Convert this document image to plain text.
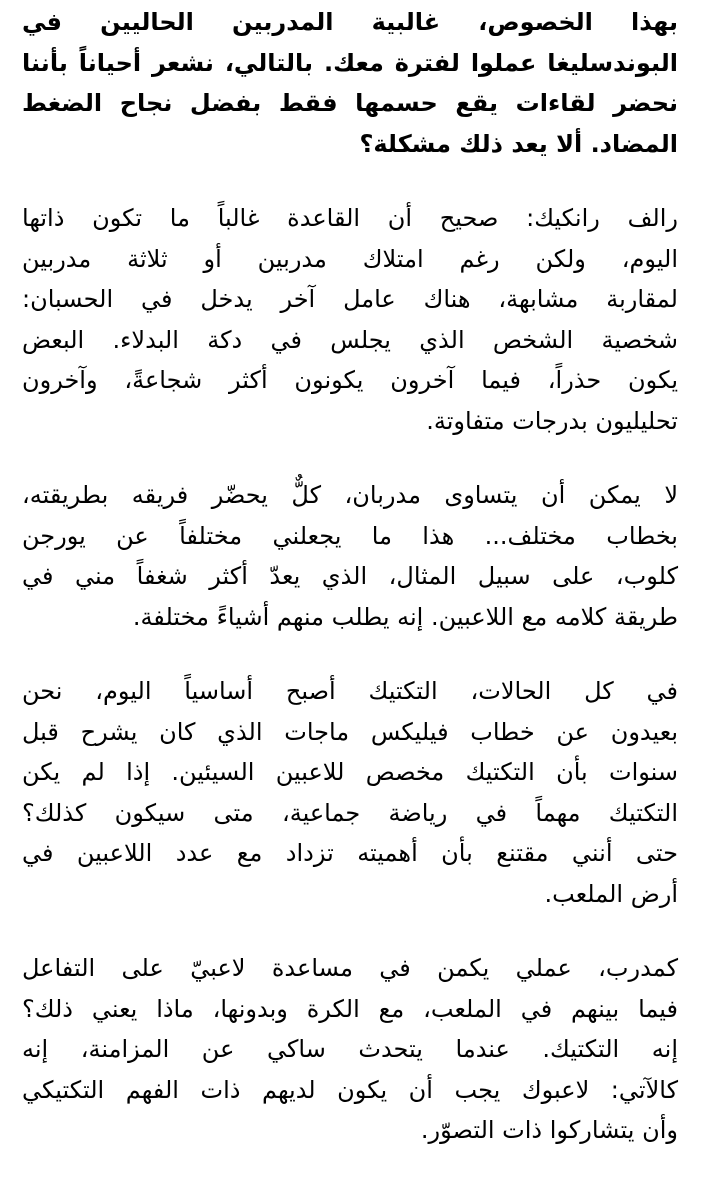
بهذا الخصوص، غالبية المدربين الحاليين في
البوندسليغا عملوا لفترة معك. بالتالي، نشعر أحياناً بأننا
نحضر لقاءات يقع حسمها فقط بفضل نجاح الضغط
المضاد. ألا يعد ذلك مشكلة؟

رالف رانكيك: صحيح أن القاعدة غالباً ما تكون ذاتها
اليوم، ولكن رغم امتلاك مدربين أو ثلاثة مدربين
لمقاربة مشابهة، هناك عامل آخر يدخل في الحسبان:
شخصية الشخص الذي يجلس في دكة البدلاء. البعض
يكون حذراً، فيما آخرون يكونون أكثر شجاعةً، وآخرون
تحليليون بدرجات متفاوتة.

لا يمكن أن يتساوى مدربان، كلٌّ يحضّر فريقه بطريقته،
بخطاب مختلف... هذا ما يجعلني مختلفاً عن يورجن
كلوب، على سبيل المثال، الذي يعدّ أكثر شغفاً مني في
طريقة كلامه مع اللاعبين. إنه يطلب منهم أشياءً مختلفة.

في كل الحالات، التكتيك أصبح أساسياً اليوم، نحن
بعيدون عن خطاب فيليكس ماجات الذي كان يشرح قبل
سنوات بأن التكتيك مخصص للاعبين السيئين. إذا لم يكن
التكتيك مهماً في رياضة جماعية، متى سيكون كذلك؟
حتى أنني مقتنع بأن أهميته تزداد مع عدد اللاعبين في
أرض الملعب.

كمدرب، عملي يكمن في مساعدة لاعبيّ على التفاعل
فيما بينهم في الملعب، مع الكرة وبدونها، ماذا يعني ذلك؟
إنه التكتيك. عندما يتحدث ساكي عن المزامنة، إنه
كالآتي: لاعبوك يجب أن يكون لديهم ذات الفهم التكتيكي
وأن يتشاركوا ذات التصوّر.
